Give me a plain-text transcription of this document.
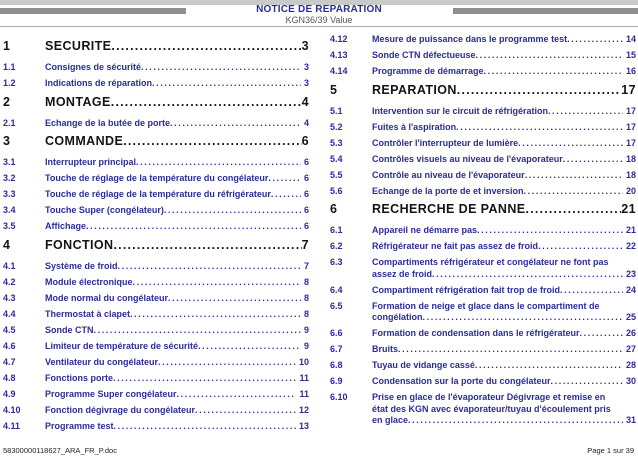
NOTICE DE REPARATION
KGN36/39 Value
1	SECURITE .....	3
1.1	Consignes de sécurité .....	3
1.2	Indications de réparation .....	3
2	MONTAGE .....	4
2.1	Echange de la butée de porte .....	4
3	COMMANDE .....	6
3.1	Interrupteur principal .....	6
3.2	Touche de réglage de la température du congélateur .....	6
3.3	Touche de réglage de la température du réfrigérateur .....	6
3.4	Touche Super (congélateur) .....	6
3.5	Affichage .....	6
4	FONCTION .....	7
4.1	Système de froid .....	7
4.2	Module électronique .....	8
4.3	Mode normal du congélateur .....	8
4.4	Thermostat à clapet .....	8
4.5	Sonde CTN .....	9
4.6	Limiteur de température de sécurité .....	9
4.7	Ventilateur du congélateur .....	10
4.8	Fonctions porte .....	11
4.9	Programme Super congélateur .....	11
4.10	Fonction dégivrage du congélateur .....	12
4.11	Programme test .....	13
4.12	Mesure de puissance dans le programme test .....	14
4.13	Sonde CTN défectueuse .....	15
4.14	Programme de démarrage .....	16
5	REPARATION .....	17
5.1	Intervention sur le circuit de réfrigération .....	17
5.2	Fuites à l'aspiration .....	17
5.3	Contrôler l'interrupteur de lumière .....	17
5.4	Contrôles visuels au niveau de l'évaporateur .....	18
5.5	Contrôle au niveau de l'évaporateur .....	18
5.6	Echange de la porte de et inversion .....	20
6	RECHERCHE DE PANNE .....	21
6.1	Appareil ne démarre pas .....	21
6.2	Réfrigérateur ne fait pas assez de froid .....	22
6.3	Compartiments réfrigérateur et congélateur ne font pas
assez de froid .....	23
6.4	Compartiment réfrigération fait trop de froid .....	24
6.5	Formation de neige et glace dans le compartiment de
congélation .....	25
6.6	Formation de condensation dans le réfrigérateur .....	26
6.7	Bruits .....	27
6.8	Tuyau de vidange cassé .....	28
6.9	Condensation sur la porte du congélateur .....	30
6.10	Prise en glace de l'évaporateur Dégivrage et remise en
état des KGN avec évaporateur/tuyau d'écoulement pris
en glace .....	31
58300000118627_ARA_FR_P.doc	Page 1 sur 39
